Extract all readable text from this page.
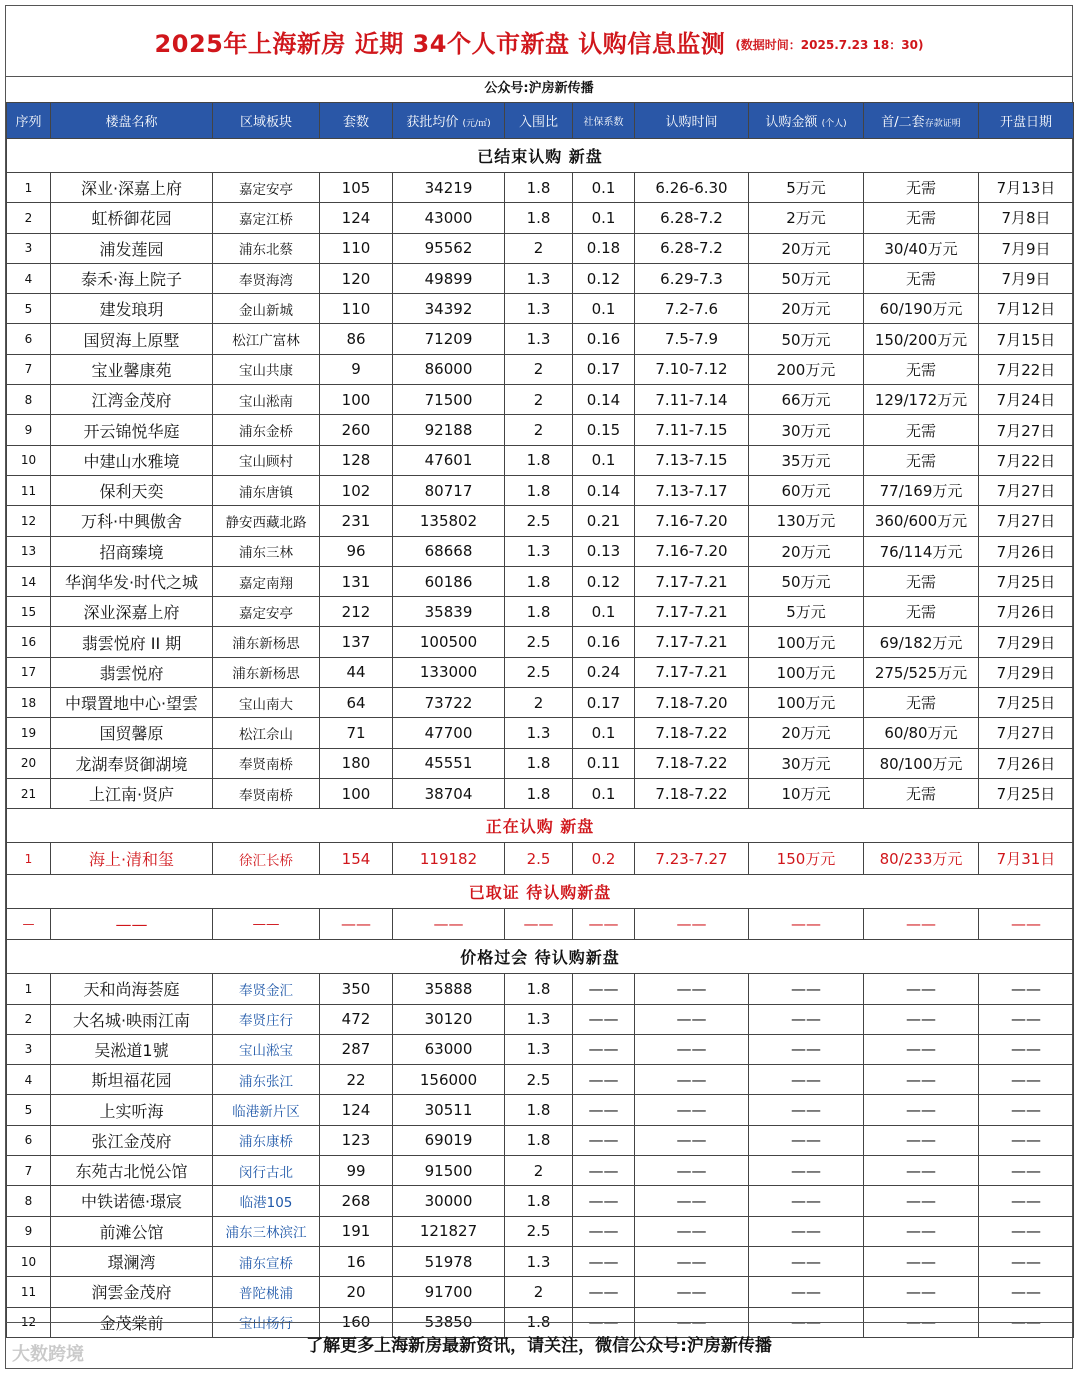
2025年上海新房 近期 34个人市新盘 认购信息监测 (数据时间：2025.7.23 18：30)
公众号:沪房新传播
序列	楼盘名称	区域板块	套数	获批均价 (元/㎡)	入围比	社保系数	认购时间	认购金额 (个人)	首/二套存款证明	开盘日期
已结束认购 新盘										
1	深业·深嘉上府	嘉定安亭	105	34219	1.8	0.1	6.26-6.30	5万元	无需	7月13日
2	虹桥御花园	嘉定江桥	124	43000	1.8	0.1	6.28-7.2	2万元	无需	7月8日
3	浦发莲园	浦东北蔡	110	95562	2	0.18	6.28-7.2	20万元	30/40万元	7月9日
4	泰禾·海上院子	奉贤海湾	120	49899	1.3	0.12	6.29-7.3	50万元	无需	7月9日
5	建发琅玥	金山新城	110	34392	1.3	0.1	7.2-7.6	20万元	60/190万元	7月12日
6	国贸海上原墅	松江广富林	86	71209	1.3	0.16	7.5-7.9	50万元	150/200万元	7月15日
7	宝业馨康苑	宝山共康	9	86000	2	0.17	7.10-7.12	200万元	无需	7月22日
8	江湾金茂府	宝山淞南	100	71500	2	0.14	7.11-7.14	66万元	129/172万元	7月24日
9	开云锦悦华庭	浦东金桥	260	92188	2	0.15	7.11-7.15	30万元	无需	7月27日
10	中建山水雅境	宝山顾村	128	47601	1.8	0.1	7.13-7.15	35万元	无需	7月22日
11	保利天奕	浦东唐镇	102	80717	1.8	0.14	7.13-7.17	60万元	77/169万元	7月27日
12	万科·中興傲舍	静安西藏北路	231	135802	2.5	0.21	7.16-7.20	130万元	360/600万元	7月27日
13	招商臻境	浦东三林	96	68668	1.3	0.13	7.16-7.20	20万元	76/114万元	7月26日
14	华润华发·时代之城	嘉定南翔	131	60186	1.8	0.12	7.17-7.21	50万元	无需	7月25日
15	深业深嘉上府	嘉定安亭	212	35839	1.8	0.1	7.17-7.21	5万元	无需	7月26日
16	翡雲悦府 II 期	浦东新杨思	137	100500	2.5	0.16	7.17-7.21	100万元	69/182万元	7月29日
17	翡雲悦府	浦东新杨思	44	133000	2.5	0.24	7.17-7.21	100万元	275/525万元	7月29日
18	中環置地中心·望雲	宝山南大	64	73722	2	0.17	7.18-7.20	100万元	无需	7月25日
19	国贸馨原	松江佘山	71	47700	1.3	0.1	7.18-7.22	20万元	60/80万元	7月27日
20	龙湖奉贤御湖境	奉贤南桥	180	45551	1.8	0.11	7.18-7.22	30万元	80/100万元	7月26日
21	上江南·贤庐	奉贤南桥	100	38704	1.8	0.1	7.18-7.22	10万元	无需	7月25日
正在认购 新盘										
1	海上·清和玺	徐汇长桥	154	119182	2.5	0.2	7.23-7.27	150万元	80/233万元	7月31日
已取证 待认购新盘										
—	——	——	——	——	——	——	——	——	——	——
价格过会 待认购新盘										
1	天和尚海荟庭	奉贤金汇	350	35888	1.8	——	——	——	——	——
2	大名城·映雨江南	奉贤庄行	472	30120	1.3	——	——	——	——	——
3	吴淞道1號	宝山淞宝	287	63000	1.3	——	——	——	——	——
4	斯坦福花园	浦东张江	22	156000	2.5	——	——	——	——	——
5	上实听海	临港新片区	124	30511	1.8	——	——	——	——	——
6	张江金茂府	浦东康桥	123	69019	1.8	——	——	——	——	——
7	东苑古北悦公馆	闵行古北	99	91500	2	——	——	——	——	——
8	中铁诺德·璟宸	临港105	268	30000	1.8	——	——	——	——	——
9	前滩公馆	浦东三林滨江	191	121827	2.5	——	——	——	——	——
10	璟澜湾	浦东宣桥	16	51978	1.3	——	——	——	——	——
11	润雲金茂府	普陀桃浦	20	91700	2	——	——	——	——	——
12	金茂棠前	宝山杨行	160	53850	1.8	——	——	——	——	——
了解更多上海新房最新资讯，请关注，微信公众号:沪房新传播
大数跨境
